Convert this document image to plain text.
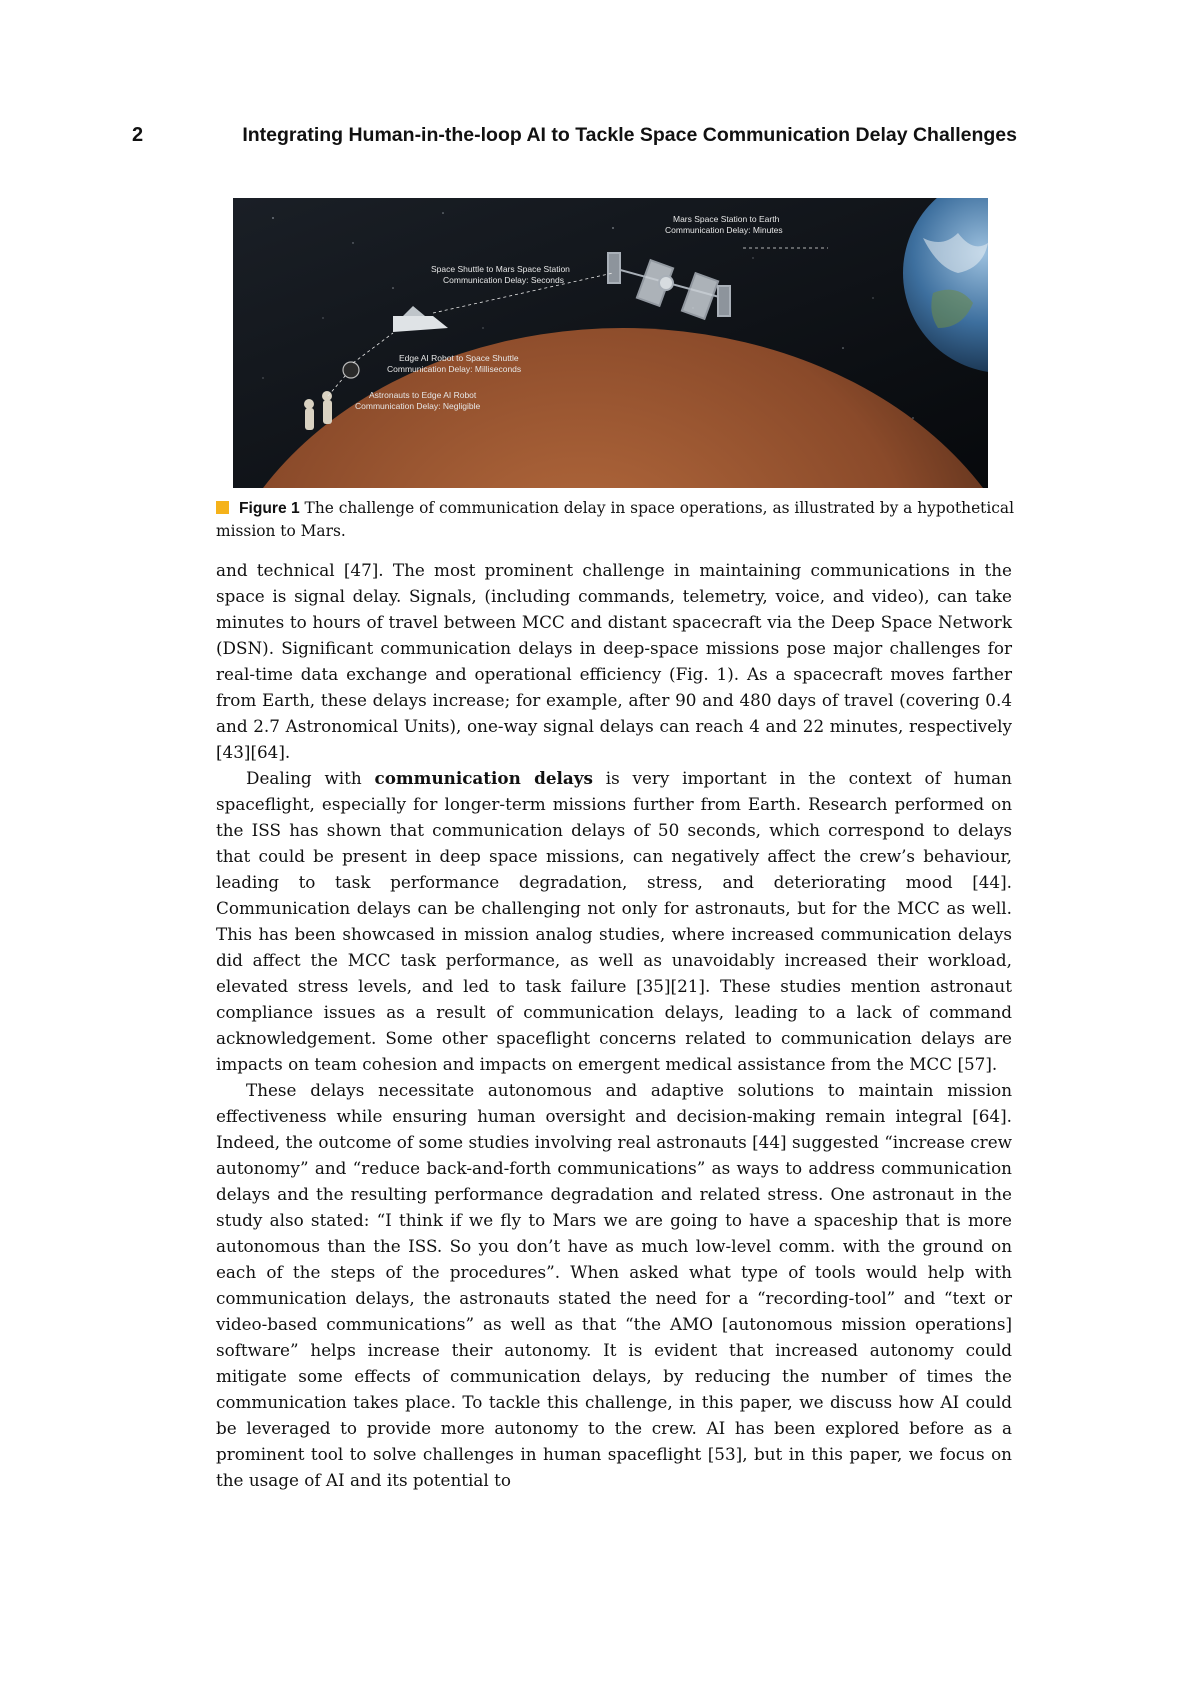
2	Integrating Human-in-the-loop AI to Tackle Space Communication Delay Challenges
Mars Space Station to Earth
Communication Delay: Minutes
Space Shuttle to Mars Space Station
Communication Delay: Seconds
Edge AI Robot to Space Shuttle
Communication Delay: Milliseconds
Astronauts to Edge AI Robot
Communication Delay: Negligible
Figure 1 The challenge of communication delay in space operations, as illustrated by a hypothetical mission to Mars.

and technical [47]. The most prominent challenge in maintaining communications in the space is signal delay. Signals, (including commands, telemetry, voice, and video), can take minutes to hours of travel between MCC and distant spacecraft via the Deep Space Network (DSN). Significant communication delays in deep-space missions pose major challenges for real-time data exchange and operational efficiency (Fig. 1). As a spacecraft moves farther from Earth, these delays increase; for example, after 90 and 480 days of travel (covering 0.4 and 2.7 Astronomical Units), one-way signal delays can reach 4 and 22 minutes, respectively [43][64].

Dealing with communication delays is very important in the context of human spaceflight, especially for longer-term missions further from Earth. Research performed on the ISS has shown that communication delays of 50 seconds, which correspond to delays that could be present in deep space missions, can negatively affect the crew’s behaviour, leading to task performance degradation, stress, and deteriorating mood [44]. Communication delays can be challenging not only for astronauts, but for the MCC as well. This has been showcased in mission analog studies, where increased communication delays did affect the MCC task performance, as well as unavoidably increased their workload, elevated stress levels, and led to task failure [35][21]. These studies mention astronaut compliance issues as a result of communication delays, leading to a lack of command acknowledgement. Some other spaceflight concerns related to communication delays are impacts on team cohesion and impacts on emergent medical assistance from the MCC [57].

These delays necessitate autonomous and adaptive solutions to maintain mission effectiveness while ensuring human oversight and decision-making remain integral [64]. Indeed, the outcome of some studies involving real astronauts [44] suggested “increase crew autonomy” and “reduce back-and-forth communications” as ways to address communication delays and the resulting performance degradation and related stress. One astronaut in the study also stated: “I think if we fly to Mars we are going to have a spaceship that is more autonomous than the ISS. So you don’t have as much low-level comm. with the ground on each of the steps of the procedures”. When asked what type of tools would help with communication delays, the astronauts stated the need for a “recording-tool” and “text or video-based communications” as well as that “the AMO [autonomous mission operations] software” helps increase their autonomy. It is evident that increased autonomy could mitigate some effects of communication delays, by reducing the number of times the communication takes place. To tackle this challenge, in this paper, we discuss how AI could be leveraged to provide more autonomy to the crew. AI has been explored before as a prominent tool to solve challenges in human spaceflight [53], but in this paper, we focus on the usage of AI and its potential to
